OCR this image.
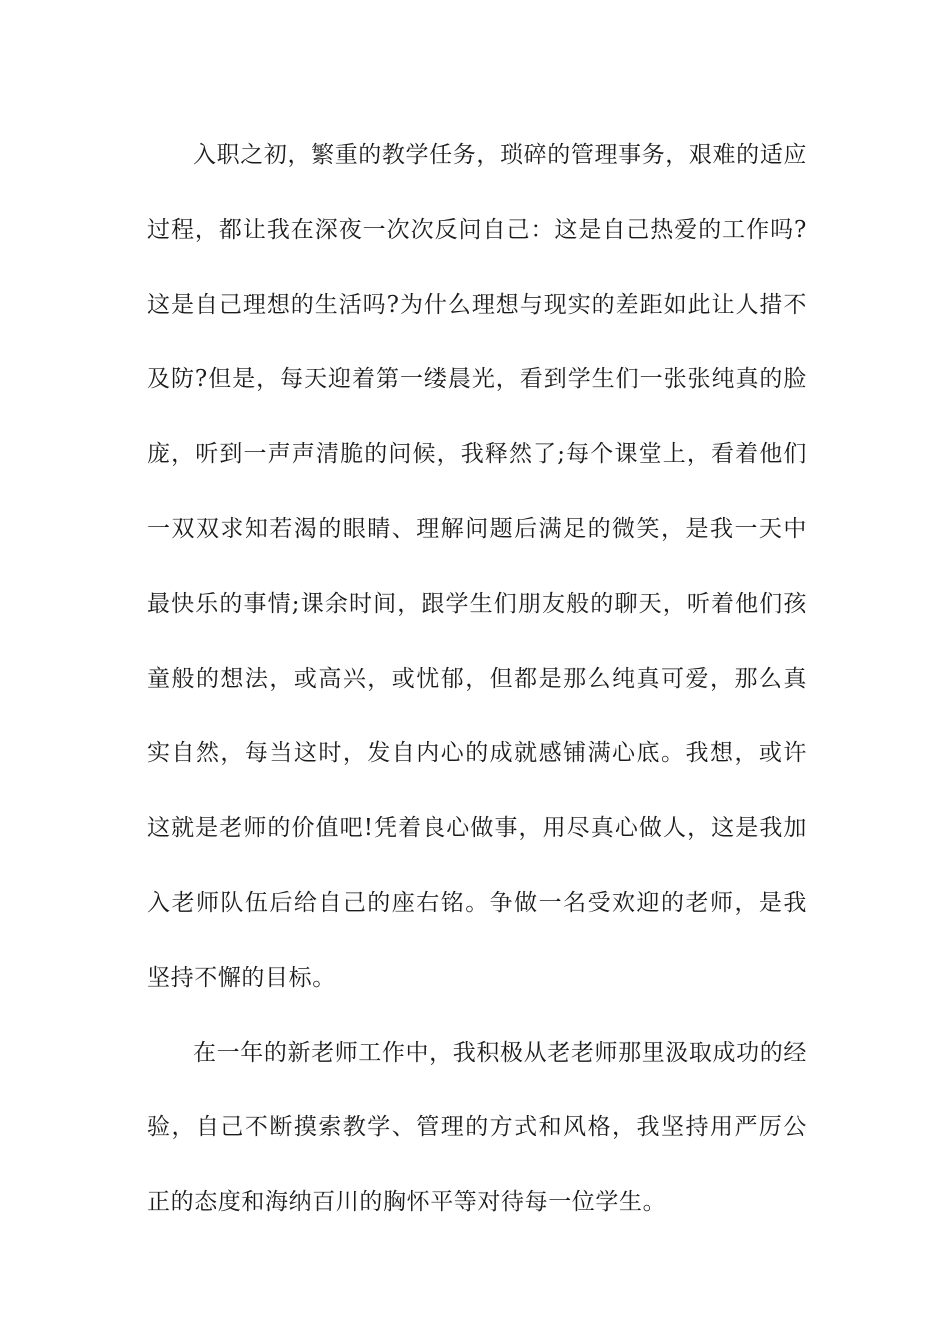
入职之初，繁重的教学任务，琐碎的管理事务，艰难的适应过程，都让我在深夜一次次反问自己：这是自己热爱的工作吗?这是自己理想的生活吗?为什么理想与现实的差距如此让人措不及防?但是，每天迎着第一缕晨光，看到学生们一张张纯真的脸庞，听到一声声清脆的问候，我释然了;每个课堂上，看着他们一双双求知若渴的眼睛、理解问题后满足的微笑，是我一天中最快乐的事情;课余时间，跟学生们朋友般的聊天，听着他们孩童般的想法，或高兴，或忧郁，但都是那么纯真可爱，那么真实自然，每当这时，发自内心的成就感铺满心底。我想，或许这就是老师的价值吧!凭着良心做事，用尽真心做人，这是我加入老师队伍后给自己的座右铭。争做一名受欢迎的老师，是我坚持不懈的目标。

在一年的新老师工作中，我积极从老老师那里汲取成功的经验，自己不断摸索教学、管理的方式和风格，我坚持用严厉公正的态度和海纳百川的胸怀平等对待每一位学生。
